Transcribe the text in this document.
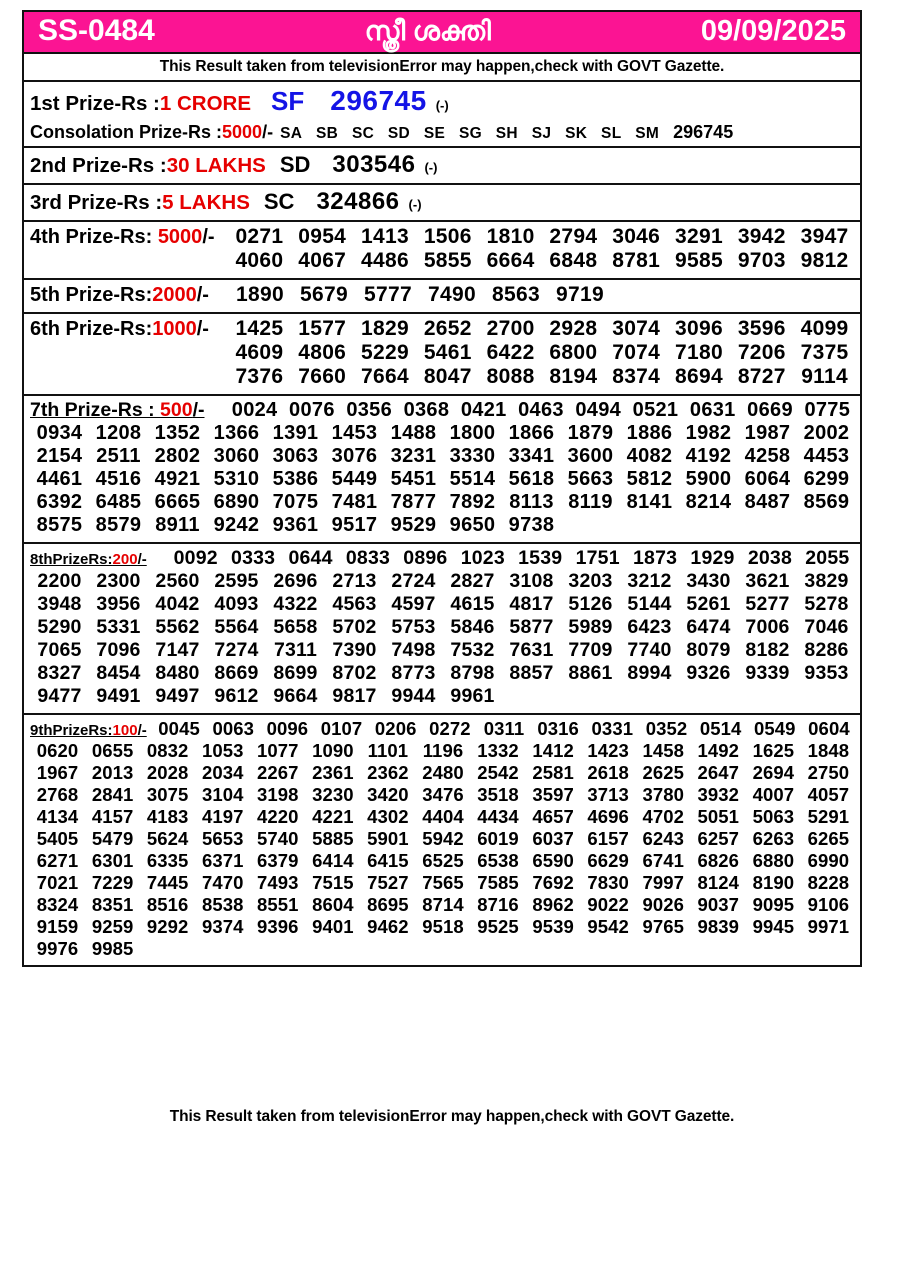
SS-0484	സ്ത്രീ ശക്തി	09/09/2025
This Result taken from televisionError may happen,check with GOVT Gazette.
1st Prize-Rs : 1 CRORE SF 296745 (-)
Consolation Prize-Rs : 5000 /- SA   SB   SC   SD   SE   SG   SH   SJ   SK   SL   SM 296745
2nd Prize-Rs : 30 LAKHS SD 303546 (-)
3rd Prize-Rs : 5 LAKHS SC 324866 (-)
4th Prize-Rs: 5000/- 0271 0954 1413 1506 1810 2794 3046 3291 3942 3947
4060 4067 4486 5855 6664 6848 8781 9585 9703 9812
5th Prize-Rs:2000/-	1890 5679 5777 7490 8563 9719
6th Prize-Rs:1000/-	1425 1577 1829 2652 2700 2928 3074 3096 3596 4099
4609 4806 5229 5461 6422 6800 7074 7180 7206 7375
7376 7660 7664 8047 8088 8194 8374 8694 8727 9114
7th Prize-Rs : 500/-	0024 0076 0356 0368 0421 0463 0494 0521 0631 0669 0775
0934 1208 1352 1366 1391 1453 1488 1800 1866 1879 1886 1982 1987 2002
2154 2511 2802 3060 3063 3076 3231 3330 3341 3600 4082 4192 4258 4453
4461 4516 4921 5310 5386 5449 5451 5514 5618 5663 5812 5900 6064 6299
6392 6485 6665 6890 7075 7481 7877 7892 8113 8119 8141 8214 8487 8569
8575 8579 8911 9242 9361 9517 9529 9650 9738

8thPrizeRs:200/-	0092 0333 0644 0833 0896 1023 1539 1751 1873 1929 2038 2055
2200 2300 2560 2595 2696 2713 2724 2827 3108 3203 3212 3430 3621 3829
3948 3956 4042 4093 4322 4563 4597 4615 4817 5126 5144 5261 5277 5278
5290 5331 5562 5564 5658 5702 5753 5846 5877 5989 6423 6474 7006 7046
7065 7096 7147 7274 7311 7390 7498 7532 7631 7709 7740 8079 8182 8286
8327 8454 8480 8669 8699 8702 8773 8798 8857 8861 8994 9326 9339 9353
9477 9491 9497 9612 9664 9817 9944 9961

9thPrizeRs:100/- 0045 0063 0096 0107 0206 0272 0311 0316 0331 0352 0514 0549 0604
0620 0655 0832 1053 1077 1090 1101 1196 1332 1412 1423 1458 1492 1625 1848
1967 2013 2028 2034 2267 2361 2362 2480 2542 2581 2618 2625 2647 2694 2750
2768 2841 3075 3104 3198 3230 3420 3476 3518 3597 3713 3780 3932 4007 4057
4134 4157 4183 4197 4220 4221 4302 4404 4434 4657 4696 4702 5051 5063 5291
5405 5479 5624 5653 5740 5885 5901 5942 6019 6037 6157 6243 6257 6263 6265
6271 6301 6335 6371 6379 6414 6415 6525 6538 6590 6629 6741 6826 6880 6990
7021 7229 7445 7470 7493 7515 7527 7565 7585 7692 7830 7997 8124 8190 8228
8324 8351 8516 8538 8551 8604 8695 8714 8716 8962 9022 9026 9037 9095 9106
9159 9259 9292 9374 9396 9401 9462 9518 9525 9539 9542 9765 9839 9945 9971
9976 9985

This Result taken from televisionError may happen,check with GOVT Gazette.
